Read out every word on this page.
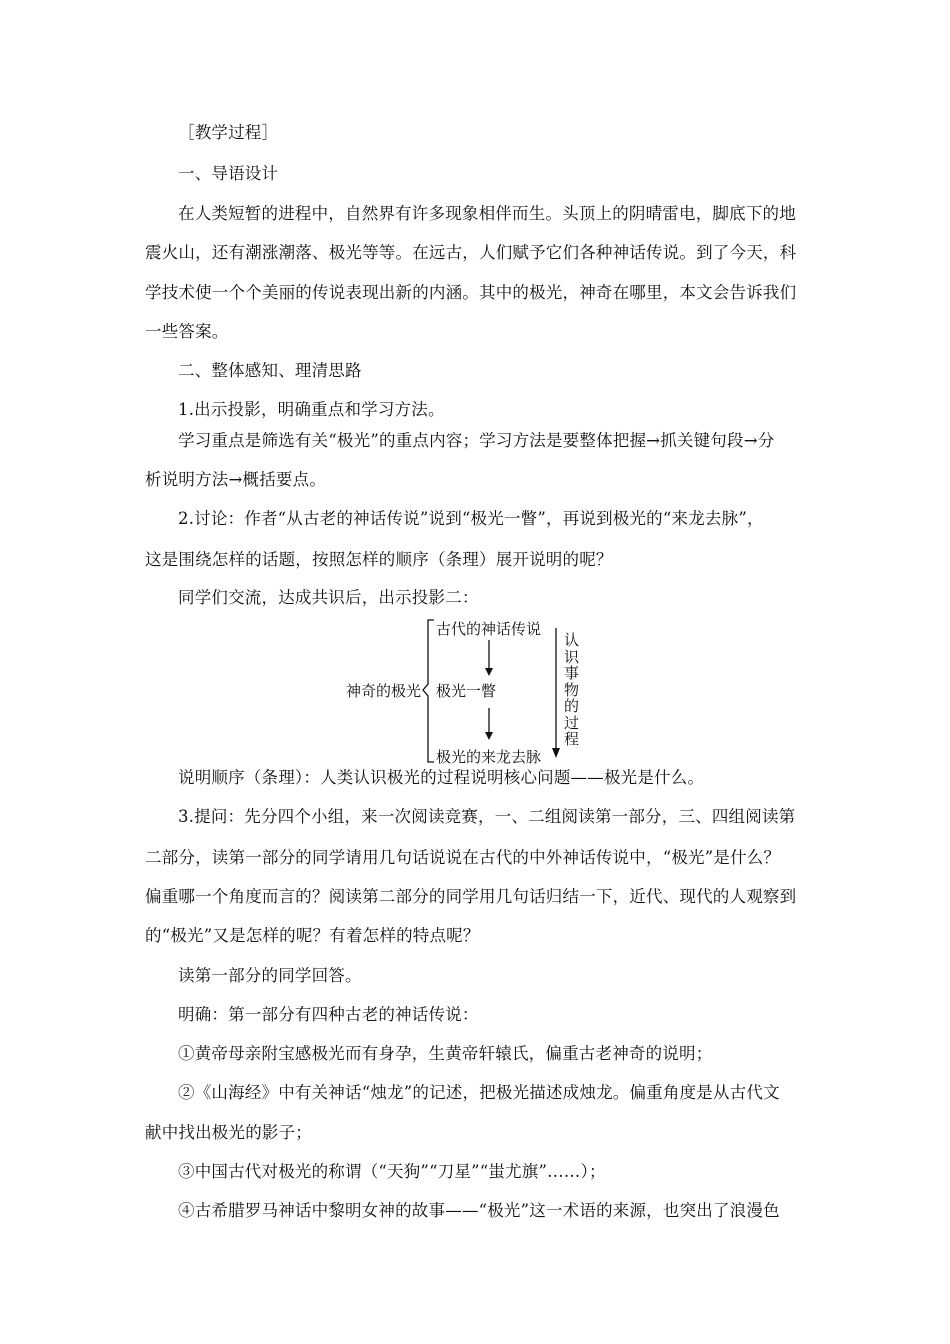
［教学过程］
一、导语设计
在人类短暂的进程中，自然界有许多现象相伴而生。头顶上的阴晴雷电，脚底下的地
震火山，还有潮涨潮落、极光等等。在远古，人们赋予它们各种神话传说。到了今天，科
学技术使一个个美丽的传说表现出新的内涵。其中的极光，神奇在哪里，本文会告诉我们
一些答案。
二、整体感知、理清思路
1.出示投影，明确重点和学习方法。
学习重点是筛选有关“极光”的重点内容；学习方法是要整体把握→抓关键句段→分
析说明方法→概括要点。
2.讨论：作者“从古老的神话传说”说到“极光一瞥”，再说到极光的“来龙去脉”，
这是围绕怎样的话题，按照怎样的顺序（条理）展开说明的呢？
同学们交流，达成共识后，出示投影二：
神奇的极光
古代的神话传说
极光一瞥
极光的来龙去脉
认识事物的过程
说明顺序（条理）：人类认识极光的过程说明核心问题——极光是什么。
3.提问：先分四个小组，来一次阅读竞赛，一、二组阅读第一部分，三、四组阅读第
二部分，读第一部分的同学请用几句话说说在古代的中外神话传说中，“极光”是什么？
偏重哪一个角度而言的？阅读第二部分的同学用几句话归结一下，近代、现代的人观察到
的“极光”又是怎样的呢？有着怎样的特点呢？
读第一部分的同学回答。
明确：第一部分有四种古老的神话传说：
①黄帝母亲附宝感极光而有身孕，生黄帝轩辕氏，偏重古老神奇的说明；
②《山海经》中有关神话“烛龙”的记述，把极光描述成烛龙。偏重角度是从古代文
献中找出极光的影子；
③中国古代对极光的称谓（“天狗”“刀星”“蚩尤旗”……）；
④古希腊罗马神话中黎明女神的故事——“极光”这一术语的来源，也突出了浪漫色
